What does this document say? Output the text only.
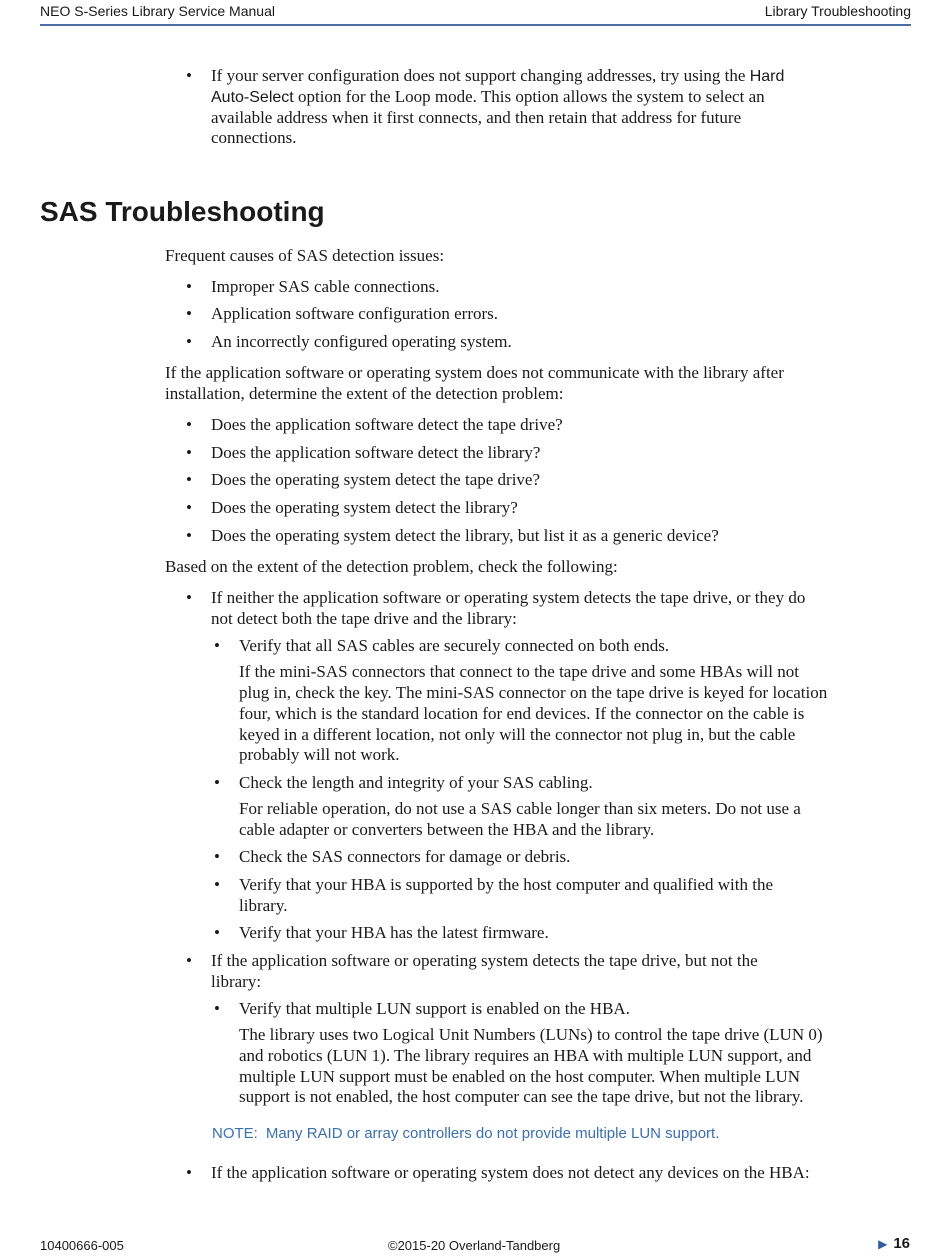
NEO S-Series Library Service Manual	Library Troubleshooting
• If your server configuration does not support changing addresses, try using the Hard
Auto-Select option for the Loop mode. This option allows the system to select an
available address when it first connects, and then retain that address for future
connections.
SAS Troubleshooting
Frequent causes of SAS detection issues:
• Improper SAS cable connections.
• Application software configuration errors.
• An incorrectly configured operating system.
If the application software or operating system does not communicate with the library after
installation, determine the extent of the detection problem:
• Does the application software detect the tape drive?
• Does the application software detect the library?
• Does the operating system detect the tape drive?
• Does the operating system detect the library?
• Does the operating system detect the library, but list it as a generic device?
Based on the extent of the detection problem, check the following:
• If neither the application software or operating system detects the tape drive, or they do
not detect both the tape drive and the library:
• Verify that all SAS cables are securely connected on both ends.
If the mini-SAS connectors that connect to the tape drive and some HBAs will not
plug in, check the key. The mini-SAS connector on the tape drive is keyed for location
four, which is the standard location for end devices. If the connector on the cable is
keyed in a different location, not only will the connector not plug in, but the cable
probably will not work.
• Check the length and integrity of your SAS cabling.
For reliable operation, do not use a SAS cable longer than six meters. Do not use a
cable adapter or converters between the HBA and the library.
• Check the SAS connectors for damage or debris.
• Verify that your HBA is supported by the host computer and qualified with the
library.
• Verify that your HBA has the latest firmware.
• If the application software or operating system detects the tape drive, but not the
library:
• Verify that multiple LUN support is enabled on the HBA.
The library uses two Logical Unit Numbers (LUNs) to control the tape drive (LUN 0)
and robotics (LUN 1). The library requires an HBA with multiple LUN support, and
multiple LUN support must be enabled on the host computer. When multiple LUN
support is not enabled, the host computer can see the tape drive, but not the library.
NOTE: Many RAID or array controllers do not provide multiple LUN support.
• If the application software or operating system does not detect any devices on the HBA:
10400666-005	©2015-20 Overland-Tandberg	▶ 16
